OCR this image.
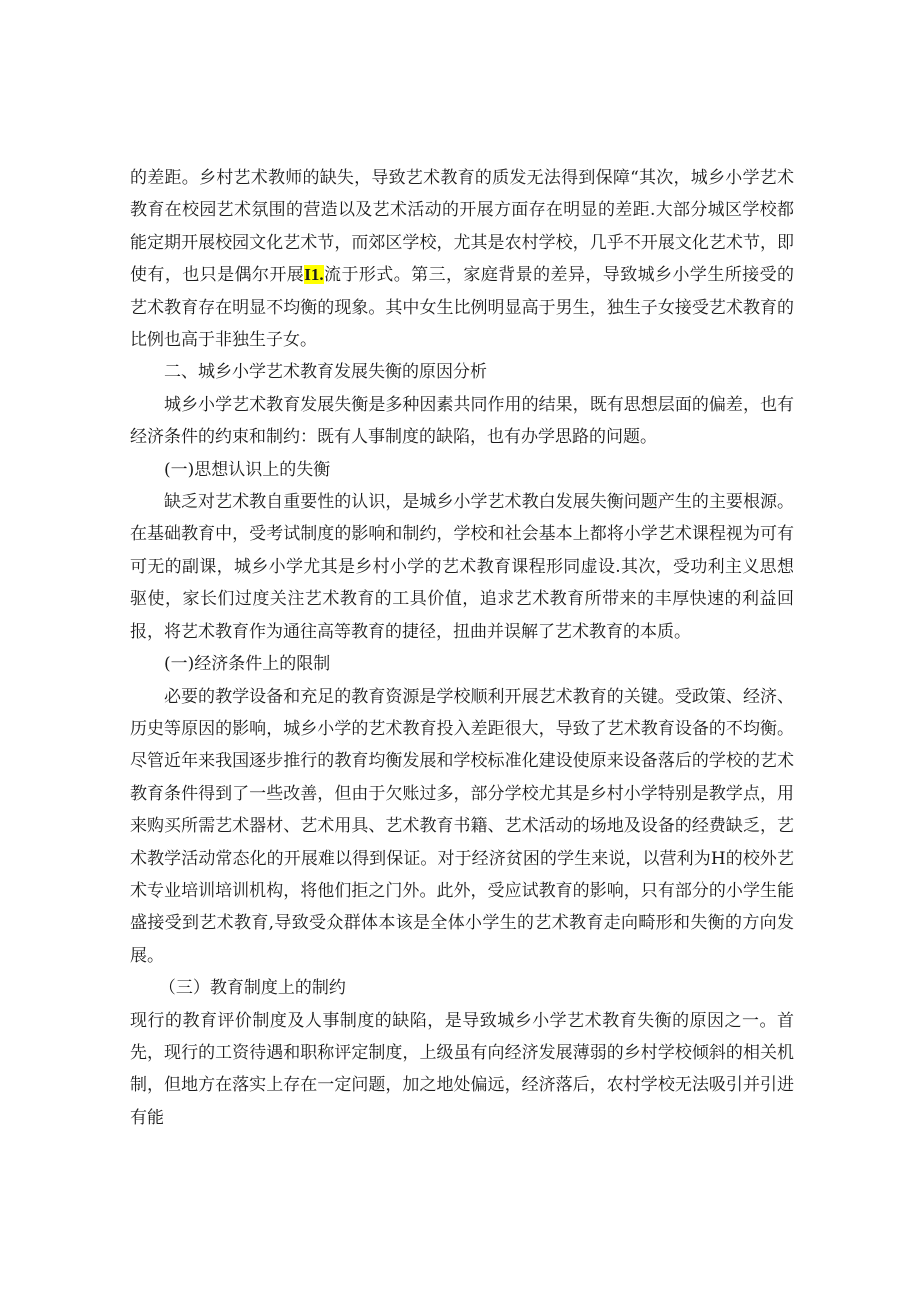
的差距。乡村艺术教师的缺失，导致艺术教育的质发无法得到保障“其次，城乡小学艺术教育在校园艺术氛围的营造以及艺术活动的开展方面存在明显的差距.大部分城区学校都能定期开展校园文化艺术节，而郊区学校，尤其是农村学校，几乎不开展文化艺术节，即使有，也只是偶尔开展I1.流于形式。第三，家庭背景的差异，导致城乡小学生所接受的艺术教育存在明显不均衡的现象。其中女生比例明显高于男生，独生子女接受艺术教育的比例也高于非独生子女。

二、城乡小学艺术教育发展失衡的原因分析

城乡小学艺术教育发展失衡是多种因素共同作用的结果，既有思想层面的偏差，也有经济条件的约束和制约：既有人事制度的缺陷，也有办学思路的问题。

(一)思想认识上的失衡

缺乏对艺术教自重要性的认识，是城乡小学艺术教白发展失衡问题产生的主要根源。在基础教育中，受考试制度的影响和制约，学校和社会基本上都将小学艺术课程视为可有可无的副课，城乡小学尤其是乡村小学的艺术教育课程形同虚设.其次，受功利主义思想驱使，家长们过度关注艺术教育的工具价值，追求艺术教育所带来的丰厚快速的利益回报，将艺术教育作为通往高等教育的捷径，扭曲并误解了艺术教育的本质。

(一)经济条件上的限制

必要的教学设备和充足的教育资源是学校顺利开展艺术教育的关键。受政策、经济、历史等原因的影响，城乡小学的艺术教育投入差距很大，导致了艺术教育设备的不均衡。尽管近年来我国逐步推行的教育均衡发展和学校标准化建设使原来设备落后的学校的艺术教育条件得到了一些改善，但由于欠账过多，部分学校尤其是乡村小学特别是教学点，用来购买所需艺术器材、艺术用具、艺术教育书籍、艺术活动的场地及设备的经费缺乏，艺术教学活动常态化的开展难以得到保证。对于经济贫困的学生来说，以营利为H的校外艺术专业培训培训机构，将他们拒之门外。此外，受应试教育的影响，只有部分的小学生能盛接受到艺术教育,导致受众群体本该是全体小学生的艺术教育走向畸形和失衡的方向发展。

（三）教育制度上的制约

现行的教育评价制度及人事制度的缺陷，是导致城乡小学艺术教育失衡的原因之一。首先，现行的工资待遇和职称评定制度，上级虽有向经济发展薄弱的乡村学校倾斜的相关机制，但地方在落实上存在一定问题，加之地处偏远，经济落后，农村学校无法吸引并引进有能
